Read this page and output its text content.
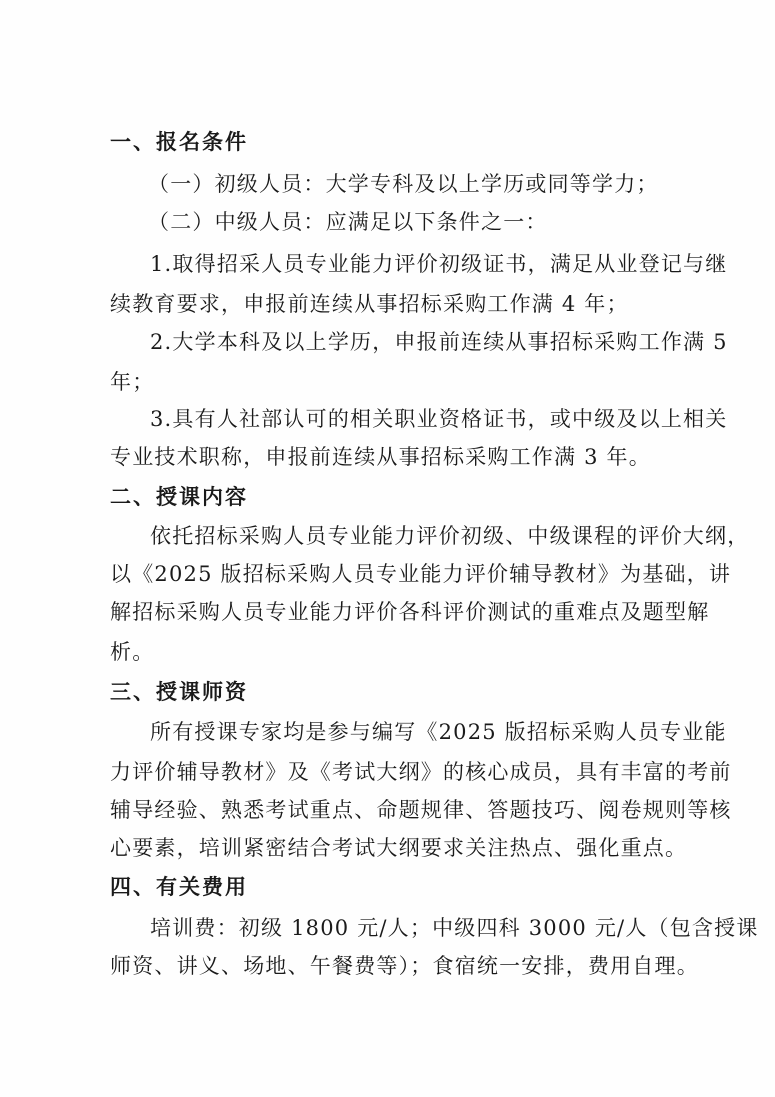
一、报名条件
（一）初级人员：大学专科及以上学历或同等学力；
（二）中级人员：应满足以下条件之一：
1.取得招采人员专业能力评价初级证书，满足从业登记与继
续教育要求，申报前连续从事招标采购工作满 4 年；
2.大学本科及以上学历，申报前连续从事招标采购工作满 5
年；
3.具有人社部认可的相关职业资格证书，或中级及以上相关
专业技术职称，申报前连续从事招标采购工作满 3 年。
二、授课内容
依托招标采购人员专业能力评价初级、中级课程的评价大纲，
以《2025 版招标采购人员专业能力评价辅导教材》为基础，讲
解招标采购人员专业能力评价各科评价测试的重难点及题型解
析。
三、授课师资
所有授课专家均是参与编写《2025 版招标采购人员专业能
力评价辅导教材》及《考试大纲》的核心成员，具有丰富的考前
辅导经验、熟悉考试重点、命题规律、答题技巧、阅卷规则等核
心要素，培训紧密结合考试大纲要求关注热点、强化重点。
四、有关费用
培训费：初级 1800 元/人；中级四科 3000 元/人（包含授课
师资、讲义、场地、午餐费等）；食宿统一安排，费用自理。
